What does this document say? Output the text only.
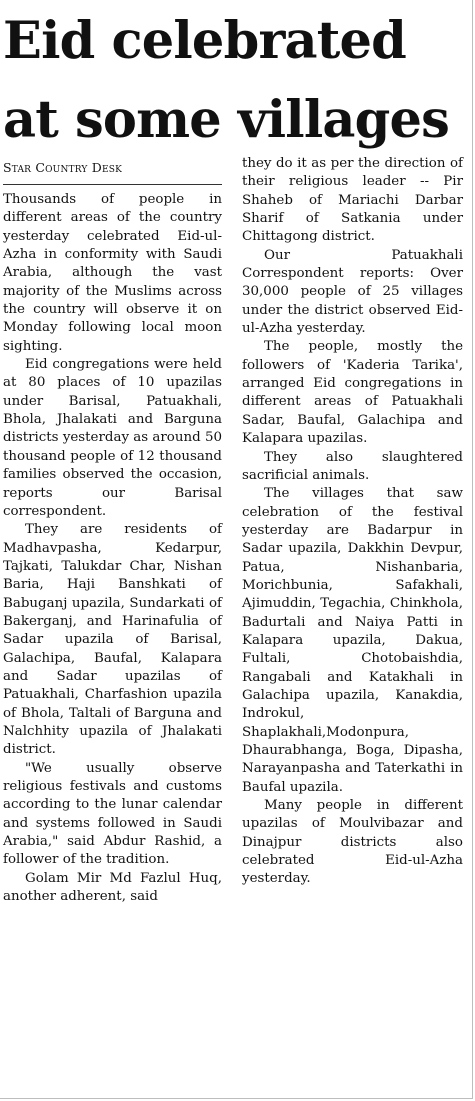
Eid celebrated at some villages
Star Country Desk

Thousands of people in different areas of the country yesterday celebrated Eid-ul-Azha in conformity with Saudi Arabia, although the vast majority of the Muslims across the country will observe it on Monday following local moon sighting.

Eid congregations were held at 80 places of 10 upazilas under Barisal, Patuakhali, Bhola, Jhalakati and Barguna districts yesterday as around 50 thousand people of 12 thousand families observed the occasion, reports our Barisal correspondent.

They are residents of Madhavpasha, Kedarpur, Tajkati, Talukdar Char, Nishan Baria, Haji Banshkati of Babuganj upazila, Sundarkati of Bakerganj, and Harinafulia of Sadar upazila of Barisal, Galachipa, Baufal, Kalapara and Sadar upazilas of Patuakhali, Charfashion upazila of Bhola, Taltali of Barguna and Nalchhity upazila of Jhalakati district.

"We usually observe religious festivals and customs according to the lunar calendar and systems followed in Saudi Arabia," said Abdur Rashid, a follower of the tradition.

Golam Mir Md Fazlul Huq, another adherent, said

they do it as per the direction of their religious leader -- Pir Shaheb of Mariachi Darbar Sharif of Satkania under Chittagong district.

Our Patuakhali Correspondent reports: Over 30,000 people of 25 villages under the district observed Eid-ul-Azha yesterday.

The people, mostly the followers of 'Kaderia Tarika', arranged Eid congregations in different areas of Patuakhali Sadar, Baufal, Galachipa and Kalapara upazilas.

They also slaughtered sacrificial animals.

The villages that saw celebration of the festival yesterday are Badarpur in Sadar upazila, Dakkhin Devpur, Patua, Nishanbaria, Morichbunia, Safakhali, Ajimuddin, Tegachia, Chinkhola, Badurtali and Naiya Patti in Kalapara upazila, Dakua, Fultali, Chotobaishdia, Rangabali and Katakhali in Galachipa upazila, Kanakdia, Indrokul, Shaplakhali,Modonpura, Dhaurabhanga, Boga, Dipasha, Narayanpasha and Taterkathi in Baufal upazila.

Many people in different upazilas of Moulvibazar and Dinajpur districts also celebrated Eid-ul-Azha yesterday.
